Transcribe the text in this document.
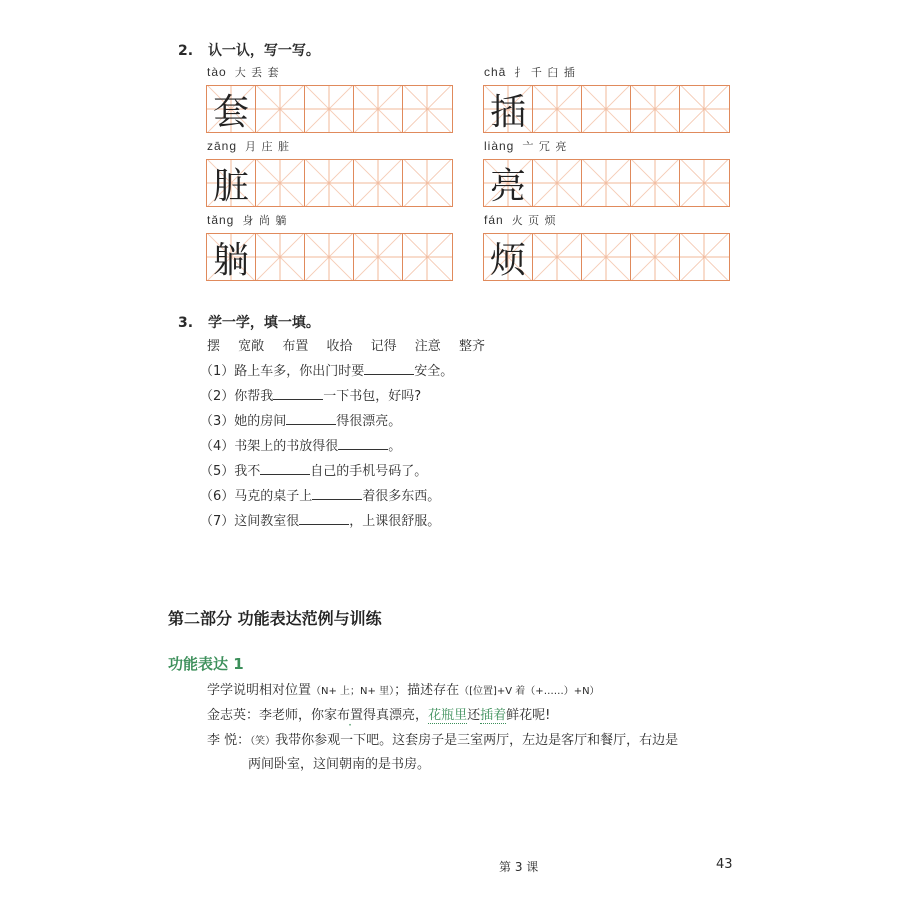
2. 认一认，写一写。
tào 大 丢 套
套
zāng 月 庄 脏
脏
tǎng 身 尚 躺
躺
chā 扌 千 臼 插
插
liàng 亠 冗 亮
亮
fán 火 页 烦
烦
3. 学一学，填一填。
摆 宽敞 布置 收拾 记得 注意 整齐
（1）路上车多，你出门时要	安全。
（2）你帮我	一下书包，好吗?
（3）她的房间	得很漂亮。
（4）书架上的书放得很	。
（5）我不	自己的手机号码了。
（6）马克的桌子上	着很多东西。
（7）这间教室很	，上课很舒服。
第二部分 功能表达范例与训练
功能表达 1
学学说明相对位置（N+ 上；N+ 里）；描述存在（[位置]+V 着（+……）+N）
金志英：李老师，你家布置得真漂亮，花瓶里还插着鲜花呢!
李 悦：（笑）我带你参观一下吧。这套房子是三室两厅，左边是客厅和餐厅，右边是
两间卧室，这间朝南的是书房。
第 3 课	43
